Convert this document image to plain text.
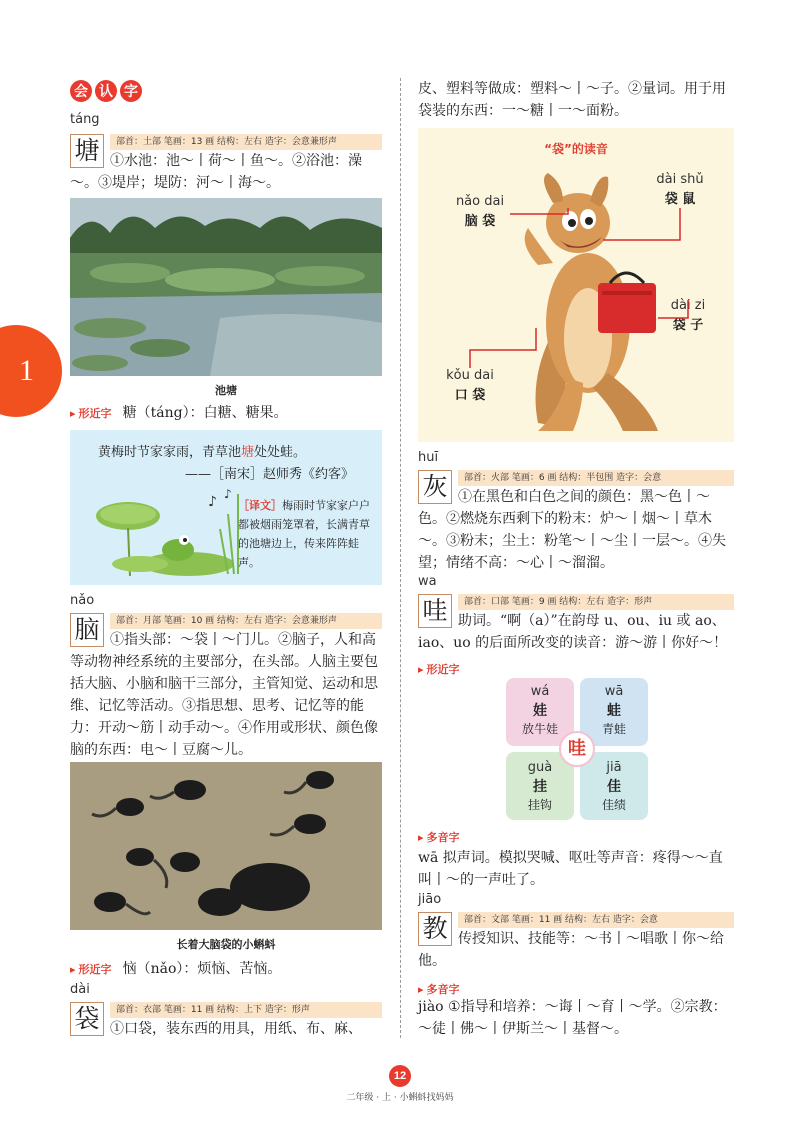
1
会 认 字
táng
塘	部首：土部 笔画：13 画 结构：左右 造字：会意兼形声
①水池：池～丨荷～丨鱼～。②浴池：澡～。③堤岸；堤防：河～丨海～。
池塘
▸ 形近字 糖（táng）：白糖、糖果。
黄梅时节家家雨，青草池塘处处蛙。
——［南宋］赵师秀《约客》
♪ ♪
［译文］梅雨时节家家户户都被烟雨笼罩着，长满青草的池塘边上，传来阵阵蛙声。
nǎo
脑	部首：月部 笔画：10 画 结构：左右 造字：会意兼形声
①指头部：～袋丨～门儿。②脑子，人和高等动物神经系统的主要部分，在头部。人脑主要包括大脑、小脑和脑干三部分，主管知觉、运动和思维、记忆等活动。③指思想、思考、记忆等的能力：开动～筋丨动手动～。④作用或形状、颜色像脑的东西：电～丨豆腐～儿。
长着大脑袋的小蝌蚪
▸ 形近字 恼（nǎo）：烦恼、苦恼。
dài
袋	部首：衣部 笔画：11 画 结构：上下 造字：形声
①口袋，装东西的用具，用纸、布、麻、
皮、塑料等做成：塑料～丨～子。②量词。用于用袋装的东西：一～糖丨一～面粉。
“袋”的读音
nǎo dai
脑 袋
dài shǔ
袋 鼠
dài zi
袋 子
kǒu dai
口 袋
huī
灰	部首：火部 笔画：6 画 结构：半包围 造字：会意
①在黑色和白色之间的颜色：黑～色丨～色。②燃烧东西剩下的粉末：炉～丨烟～丨草木～。③粉末；尘土：粉笔～丨～尘丨一层～。④失望；情绪不高：～心丨～溜溜。
wa
哇	部首：口部 笔画：9 画 结构：左右 造字：形声
助词。“啊（a）”在韵母 u、ou、iu 或 ao、iao、uo 的后面所改变的读音：游～游丨你好～！
▸ 形近字
wá
娃
放牛娃
wā
蛙
青蛙
guà
挂
挂钩
jiā
佳
佳绩
哇
▸ 多音字
wā 拟声词。模拟哭喊、呕吐等声音：疼得～～直叫丨～的一声吐了。
jiāo
教	部首：文部 笔画：11 画 结构：左右 造字：会意
传授知识、技能等：～书丨～唱歌丨你～给他。
▸ 多音字
jiào ①指导和培养：～诲丨～育丨～学。②宗教：～徒丨佛～丨伊斯兰～丨基督～。
12
二年级 · 上 · 小蝌蚪找妈妈
